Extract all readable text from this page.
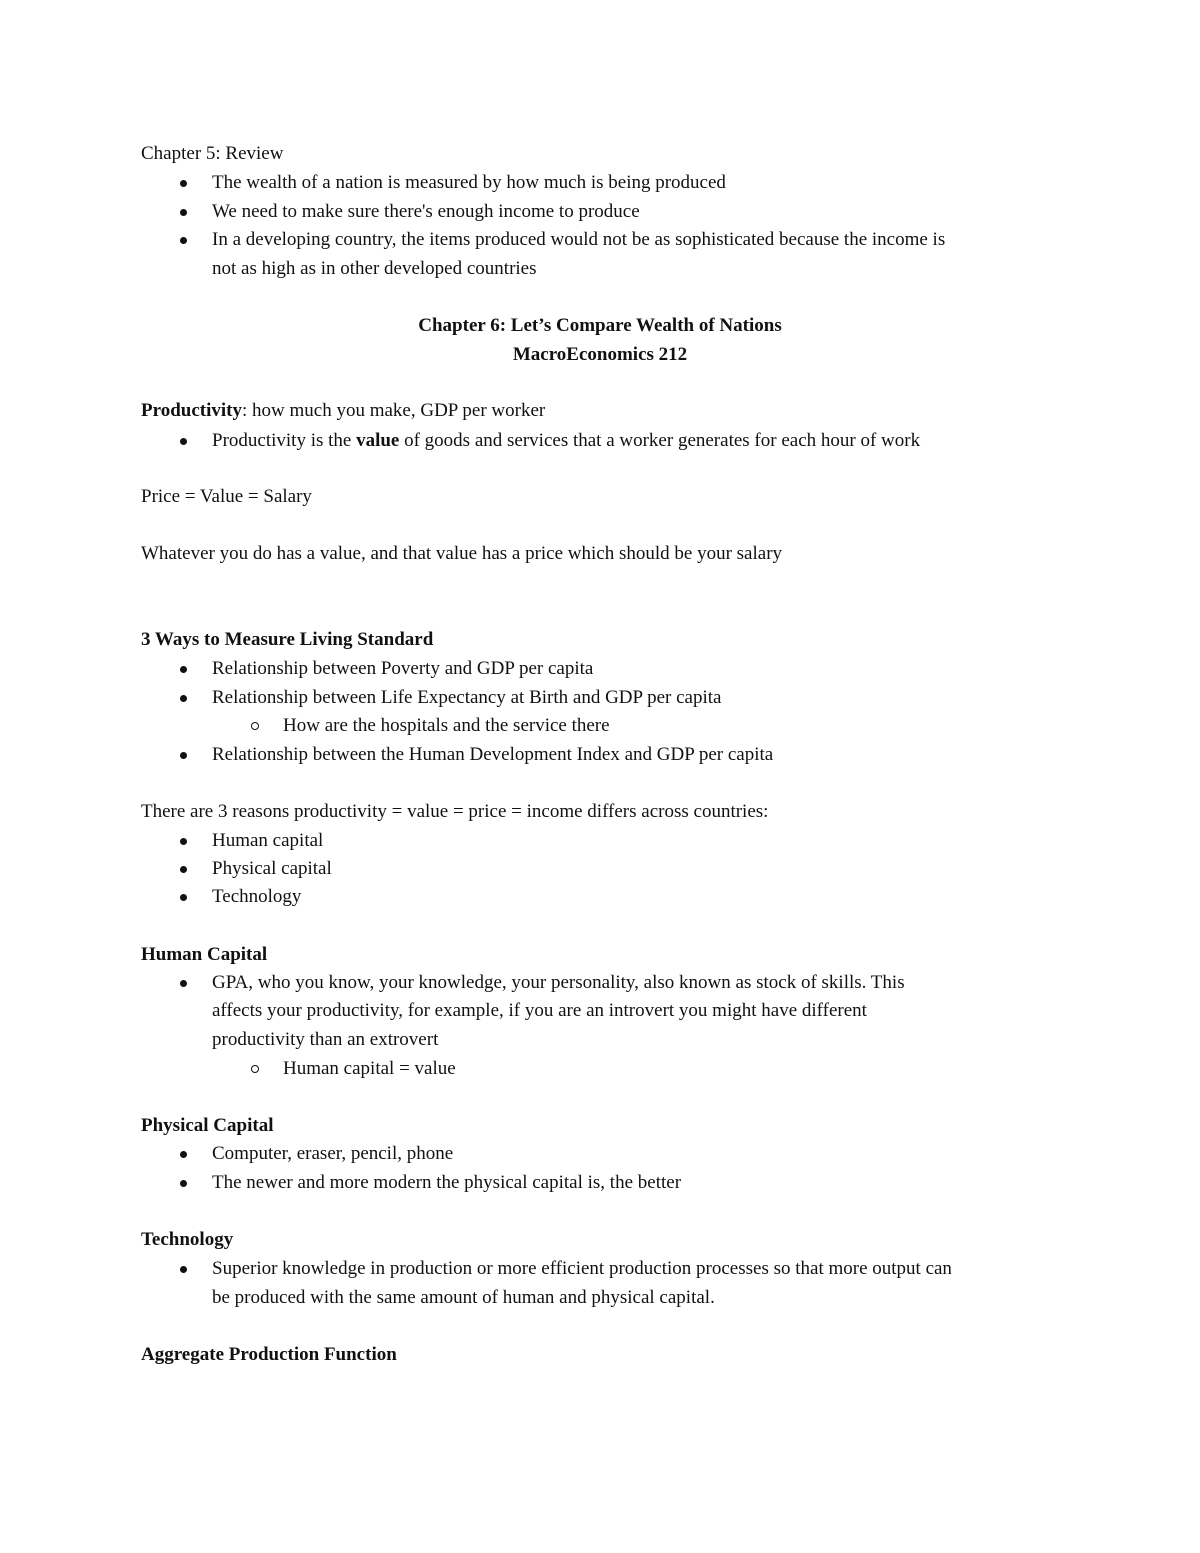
Chapter 5: Review
The wealth of a nation is measured by how much is being produced
We need to make sure there's enough income to produce
In a developing country, the items produced would not be as sophisticated because the income is
not as high as in other developed countries
Chapter 6: Let’s Compare Wealth of Nations
MacroEconomics 212
Productivity: how much you make, GDP per worker
Productivity is the value of goods and services that a worker generates for each hour of work
Price = Value = Salary
Whatever you do has a value, and that value has a price which should be your salary
3 Ways to Measure Living Standard
Relationship between Poverty and GDP per capita
Relationship between Life Expectancy at Birth and GDP per capita
How are the hospitals and the service there
Relationship between the Human Development Index and GDP per capita
There are 3 reasons productivity = value = price = income differs across countries:
Human capital
Physical capital
Technology
Human Capital
GPA, who you know, your knowledge, your personality, also known as stock of skills. This
affects your productivity, for example, if you are an introvert you might have different
productivity than an extrovert
Human capital = value
Physical Capital
Computer, eraser, pencil, phone
The newer and more modern the physical capital is, the better
Technology
Superior knowledge in production or more efficient production processes so that more output can
be produced with the same amount of human and physical capital.
Aggregate Production Function
